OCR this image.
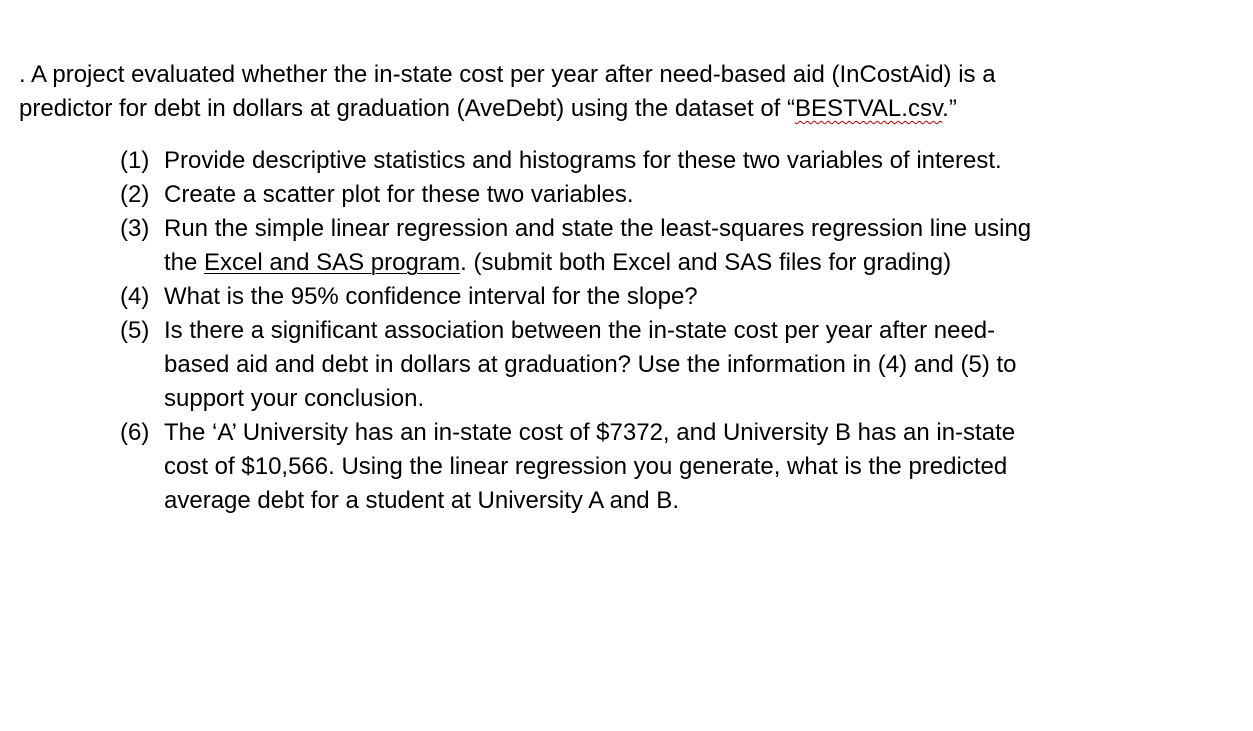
. A project evaluated whether the in-state cost per year after need-based aid (InCostAid) is a
predictor for debt in dollars at graduation (AveDebt) using the dataset of “BESTVAL.csv.”

(1) Provide descriptive statistics and histograms for these two variables of interest.
(2) Create a scatter plot for these two variables.
(3) Run the simple linear regression and state the least-squares regression line using
the Excel and SAS program. (submit both Excel and SAS files for grading)
(4) What is the 95% confidence interval for the slope?
(5) Is there a significant association between the in-state cost per year after need-
based aid and debt in dollars at graduation? Use the information in (4) and (5) to
support your conclusion.
(6) The ‘A’ University has an in-state cost of $7372, and University B has an in-state
cost of $10,566. Using the linear regression you generate, what is the predicted
average debt for a student at University A and B.
